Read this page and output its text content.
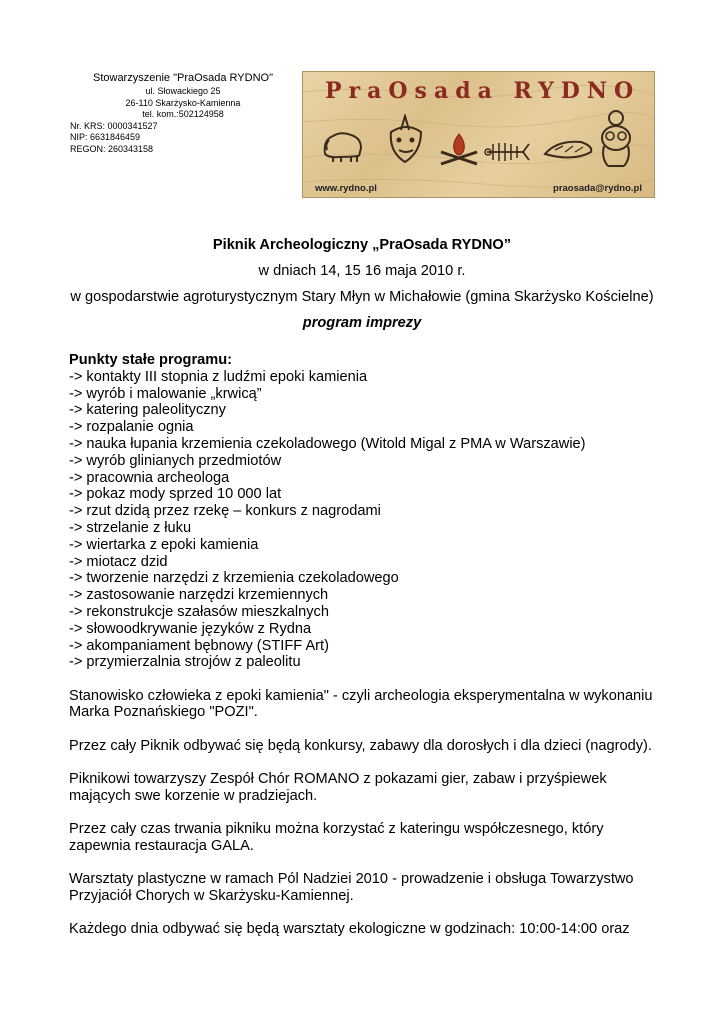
Stowarzyszenie "PraOsada RYDNO"
ul. Słowackiego 25
26-110 Skarżysko-Kamienna
tel. kom.:502124958
Nr. KRS: 0000341527
NIP: 6631846459
REGON: 260343158
PraOsada RYDNO
www.rydno.pl	praosada@rydno.pl
Piknik Archeologiczny „PraOsada RYDNO”
w dniach 14, 15 16 maja 2010 r.
w gospodarstwie agroturystycznym Stary Młyn w Michałowie (gmina Skarżysko Kościelne)
program imprezy
Punkty stałe programu:
-> kontakty III stopnia z ludźmi epoki kamienia
-> wyrób i malowanie „krwicą”
-> katering paleolityczny
-> rozpalanie ognia
-> nauka łupania krzemienia czekoladowego (Witold Migal z PMA w Warszawie)
-> wyrób glinianych przedmiotów
-> pracownia archeologa
-> pokaz mody sprzed 10 000 lat
-> rzut dzidą przez rzekę – konkurs z nagrodami
-> strzelanie z łuku
-> wiertarka z epoki kamienia
-> miotacz dzid
-> tworzenie narzędzi z krzemienia czekoladowego
-> zastosowanie narzędzi krzemiennych
-> rekonstrukcje szałasów mieszkalnych
-> słowoodkrywanie języków z Rydna
-> akompaniament bębnowy (STIFF Art)
-> przymierzalnia strojów z paleolitu

Stanowisko człowieka z epoki kamienia" - czyli archeologia eksperymentalna w wykonaniu Marka Poznańskiego "POZI".

Przez cały Piknik odbywać się będą konkursy, zabawy dla dorosłych i dla dzieci (nagrody).

Piknikowi towarzyszy Zespół Chór ROMANO z pokazami gier, zabaw i przyśpiewek mających swe korzenie w pradziejach.

Przez cały czas trwania pikniku można korzystać z kateringu współczesnego, który zapewnia restauracja GALA.

Warsztaty plastyczne w ramach Pól Nadziei 2010 - prowadzenie i obsługa Towarzystwo Przyjaciół Chorych w Skarżysku-Kamiennej.

Każdego dnia odbywać się będą warsztaty ekologiczne w godzinach: 10:00-14:00 oraz
